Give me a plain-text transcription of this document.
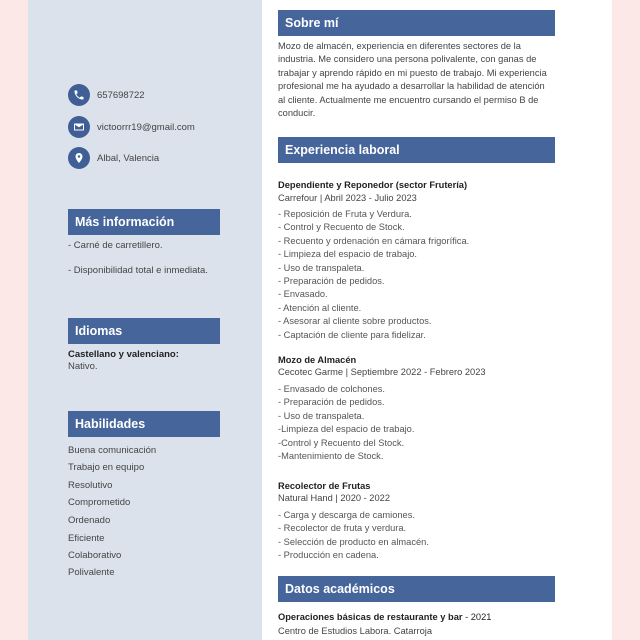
657698722
victoorrr19@gmail.com
Albal, Valencia
Más información
- Carné de carretillero.
- Disponibilidad total e inmediata.
Idiomas
Castellano y valenciano:
Nativo.
Habilidades
Buena comunicación
Trabajo en equipo
Resolutivo
Comprometido
Ordenado
Eficiente
Colaborativo
Polivalente
Sobre mí
Mozo de almacén, experiencia en diferentes sectores de la industria. Me considero una persona polivalente, con ganas de trabajar y aprendo rápido en mi puesto de trabajo. Mi experiencia profesional me ha ayudado a desarrollar la habilidad de atención al cliente. Actualmente me encuentro cursando el permiso B de conducir.
Experiencia laboral
Dependiente y Reponedor (sector Frutería)
Carrefour | Abril 2023 - Julio 2023
- Reposición de Fruta y Verdura.
- Control y Recuento de Stock.
- Recuento y ordenación en cámara frigorífica.
- Limpieza del espacio de trabajo.
- Uso de transpaleta.
- Preparación de pedidos.
- Envasado.
- Atención al cliente.
- Asesorar al cliente sobre productos.
- Captación de cliente para fidelizar.
Mozo de Almacén
Cecotec Garme | Septiembre 2022 - Febrero 2023
- Envasado de colchones.
- Preparación de pedidos.
- Uso de transpaleta.
-Limpieza del espacio de trabajo.
-Control y Recuento del Stock.
-Mantenimiento de Stock.
Recolector de Frutas
Natural Hand | 2020 - 2022
- Carga y descarga de camiones.
- Recolector de fruta y verdura.
- Selección de producto en almacén.
- Producción en cadena.
Datos académicos
Operaciones básicas de restaurante y bar - 2021
Centro de Estudios Labora. Catarroja
